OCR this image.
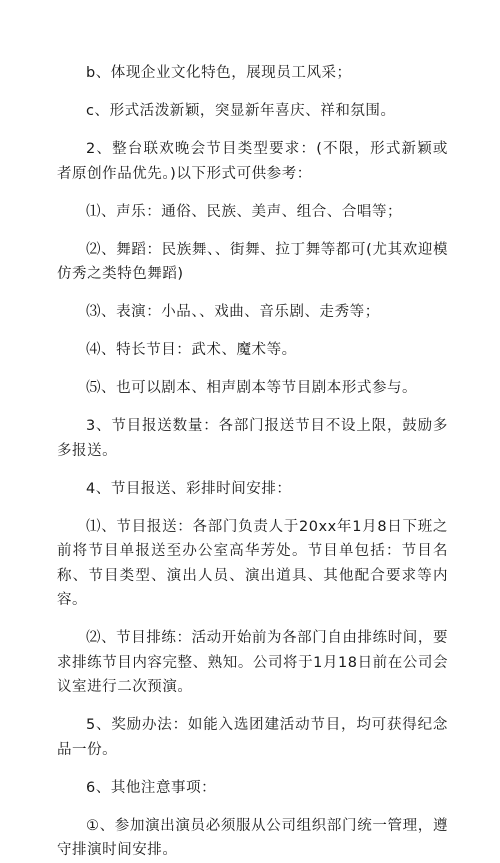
b、体现企业文化特色，展现员工风采；

c、形式活泼新颖，突显新年喜庆、祥和氛围。

2、整台联欢晚会节目类型要求：(不限，形式新颖或者原创作品优先。)以下形式可供参考：

⑴、声乐：通俗、民族、美声、组合、合唱等；

⑵、舞蹈：民族舞、、街舞、拉丁舞等都可(尤其欢迎模仿秀之类特色舞蹈)

⑶、表演：小品、、戏曲、音乐剧、走秀等；

⑷、特长节目：武术、魔术等。

⑸、也可以剧本、相声剧本等节目剧本形式参与。

3、节目报送数量：各部门报送节目不设上限，鼓励多多报送。

4、节目报送、彩排时间安排：

⑴、节目报送：各部门负责人于20xx年1月8日下班之前将节目单报送至办公室高华芳处。节目单包括：节目名称、节目类型、演出人员、演出道具、其他配合要求等内容。

⑵、节目排练：活动开始前为各部门自由排练时间，要求排练节目内容完整、熟知。公司将于1月18日前在公司会议室进行二次预演。

5、奖励办法：如能入选团建活动节目，均可获得纪念品一份。

6、其他注意事项：

①、参加演出演员必须服从公司组织部门统一管理，遵守排演时间安排。
